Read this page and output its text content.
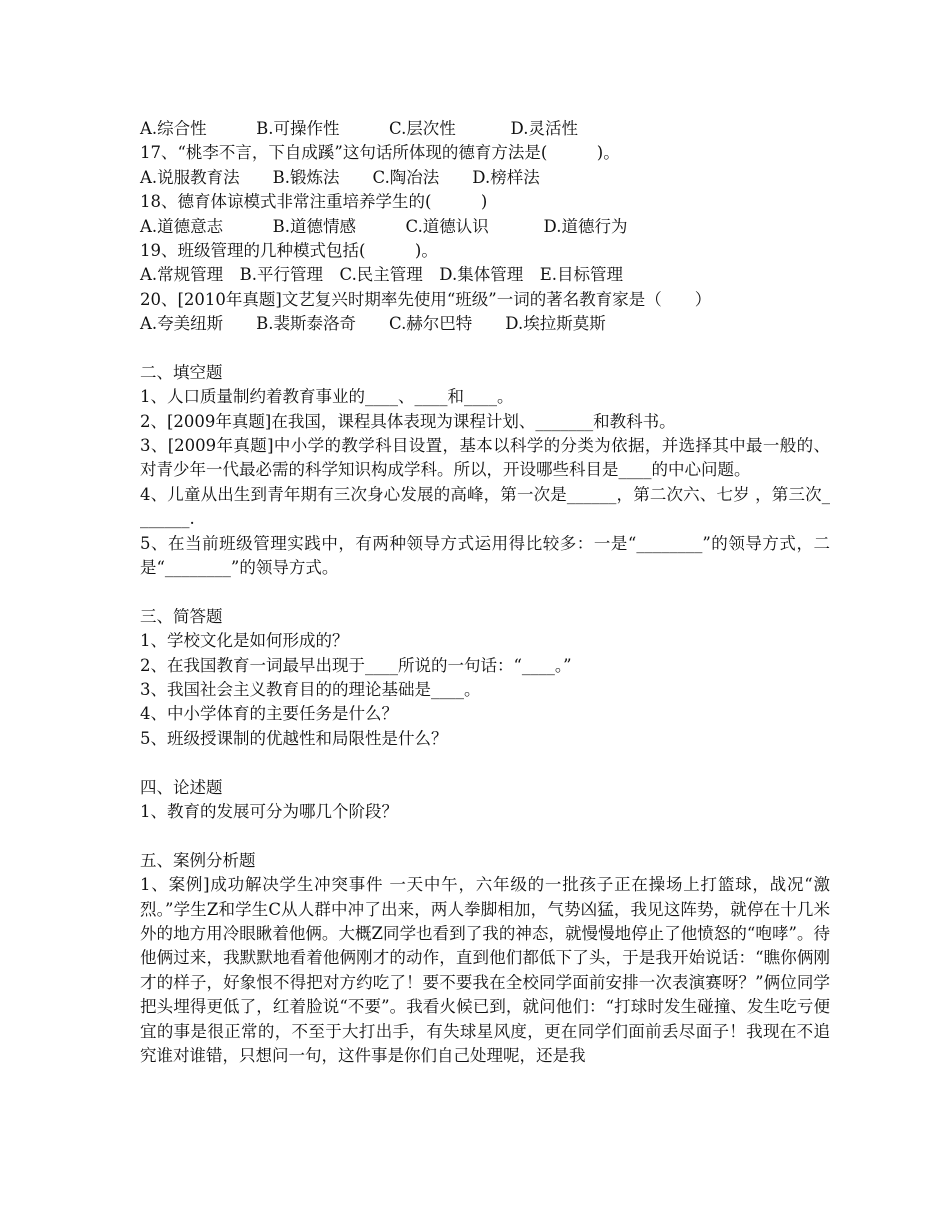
A.综合性　　　B.可操作性　　　C.层次性　　　 D.灵活性
17、“桃李不言，下自成蹊”这句话所体现的德育方法是(　　　)。
A.说服教育法　　B.锻炼法　　C.陶冶法　　D.榜样法
18、德育体谅模式非常注重培养学生的(　　　)
A.道德意志　　　B.道德情感　　　C.道德认识　　　 D.道德行为
19、班级管理的几种模式包括(　　　)。
A.常规管理　B.平行管理　C.民主管理　D.集体管理　E.目标管理
20、[2010年真题]文艺复兴时期率先使用“班级”一词的著名教育家是（　　）
A.夸美纽斯　　B.裴斯泰洛奇　　C.赫尔巴特　　D.埃拉斯莫斯
二、填空题
1、人口质量制约着教育事业的____、____和____。
2、[2009年真题]在我国，课程具体表现为课程计划、_______和教科书。
3、[2009年真题]中小学的教学科目设置，基本以科学的分类为依据，并选择其中最一般的、对青少年一代最必需的科学知识构成学科。所以，开设哪些科目是____的中心问题。
4、儿童从出生到青年期有三次身心发展的高峰，第一次是______，第二次六、七岁 ，第三次_______.
5、在当前班级管理实践中，有两种领导方式运用得比较多：一是“________”的领导方式，二是“________”的领导方式。
三、简答题
1、学校文化是如何形成的？
2、在我国教育一词最早出现于____所说的一句话：“____。”
3、我国社会主义教育目的的理论基础是____。
4、中小学体育的主要任务是什么？
5、班级授课制的优越性和局限性是什么？
四、论述题
1、教育的发展可分为哪几个阶段？
五、案例分析题
1、案例]成功解决学生冲突事件 一天中午，六年级的一批孩子正在操场上打篮球，战况“激烈。”学生Z和学生C从人群中冲了出来，两人拳脚相加，气势凶猛，我见这阵势，就停在十几米外的地方用冷眼瞅着他俩。大概Z同学也看到了我的神态，就慢慢地停止了他愤怒的“咆哮”。待他俩过来，我默默地看着他俩刚才的动作，直到他们都低下了头，于是我开始说话：“瞧你俩刚才的样子，好象恨不得把对方约吃了！要不要我在全校同学面前安排一次表演赛呀？”俩位同学把头埋得更低了，红着脸说“不要”。我看火候已到，就问他们：“打球时发生碰撞、发生吃亏便宜的事是很正常的，不至于大打出手，有失球星风度，更在同学们面前丢尽面子！我现在不追究谁对谁错，只想问一句，这件事是你们自己处理呢，还是我
